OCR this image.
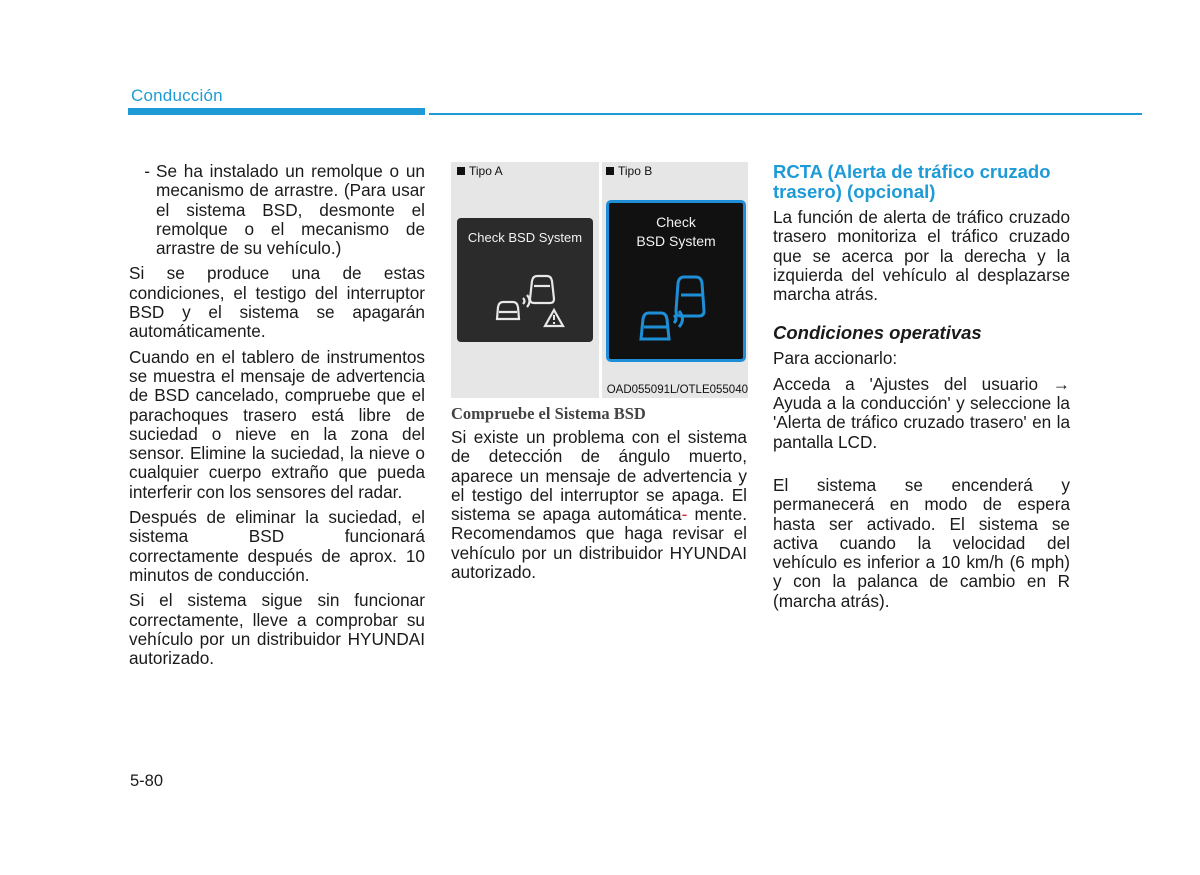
Conducción
- Se ha instalado un remolque o un mecanismo de arrastre. (Para usar el sistema BSD, desmonte el remolque o el mecanismo de arrastre de su vehículo.)

Si se produce una de estas condiciones, el testigo del interruptor BSD y el sistema se apagarán automáticamente.

Cuando en el tablero de instrumentos se muestra el mensaje de advertencia de BSD cancelado, compruebe que el parachoques trasero está libre de suciedad o nieve en la zona del sensor. Elimine la suciedad, la nieve o cualquier cuerpo extraño que pueda interferir con los sensores del radar.

Después de eliminar la suciedad, el sistema BSD funcionará correctamente después de aprox. 10 minutos de conducción.

Si el sistema sigue sin funcionar correctamente, lleve a comprobar su vehículo por un distribuidor HYUNDAI autorizado.

Tipo A	Tipo B
Check BSD System
Check
BSD System
OAD055091L/OTLE055040
Compruebe el Sistema BSD

Si existe un problema con el sistema de detección de ángulo muerto, aparece un mensaje de advertencia y el testigo del interruptor se apaga. El sistema se apaga automática- mente. Recomendamos que haga revisar el vehículo por un distribuidor HYUNDAI autorizado.

RCTA (Alerta de tráfico cruzado trasero) (opcional)

La función de alerta de tráfico cruzado trasero monitoriza el tráfico cruzado que se acerca por la derecha y la izquierda del vehículo al desplazarse marcha atrás.

Condiciones operativas

Para accionarlo:

Acceda a 'Ajustes del usuario → Ayuda a la conducción' y seleccione la 'Alerta de tráfico cruzado trasero' en la pantalla LCD.

El sistema se encenderá y permanecerá en modo de espera hasta ser activado. El sistema se activa cuando la velocidad del vehículo es inferior a 10 km/h (6 mph) y con la palanca de cambio en R (marcha atrás).

5-80
